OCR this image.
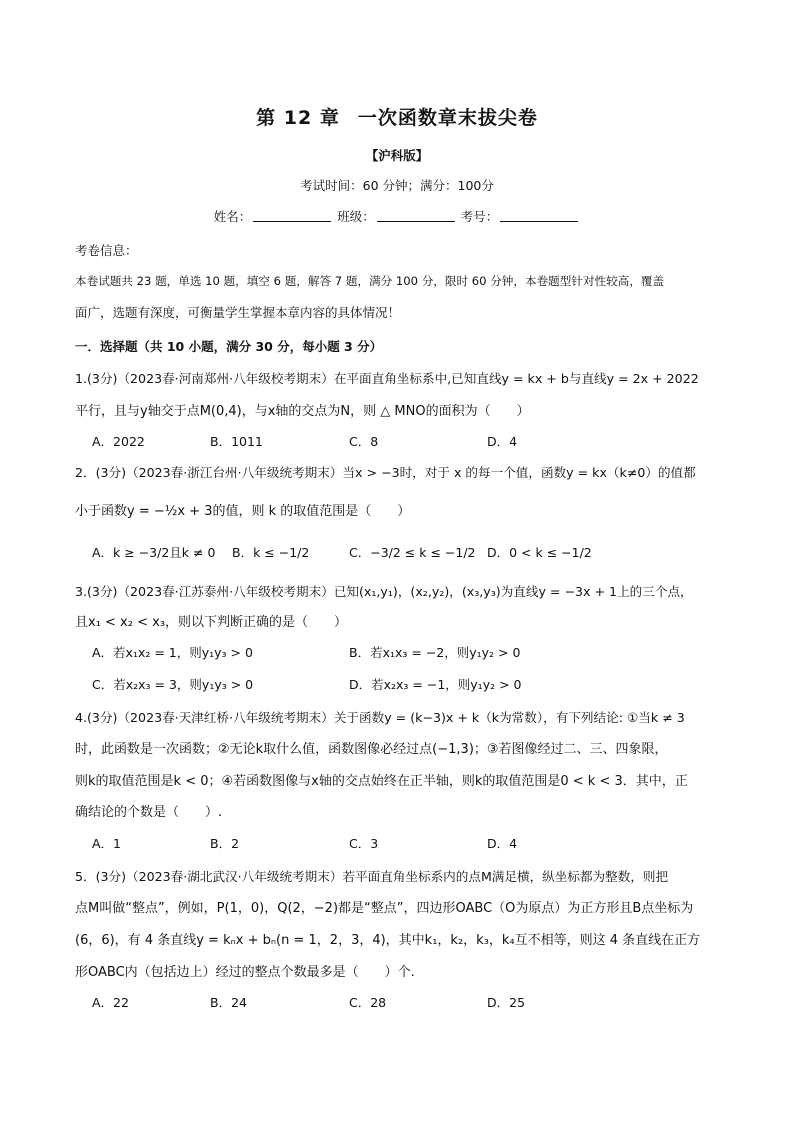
第 12 章 一次函数章末拔尖卷
【沪科版】
考试时间：60 分钟；满分：100分
姓名：	班级：	考号：
考卷信息：
本卷试题共 23 题，单选 10 题，填空 6 题，解答 7 题，满分 100 分，限时 60 分钟，本卷题型针对性较高，覆盖
面广，选题有深度，可衡量学生掌握本章内容的具体情况！
一．选择题（共 10 小题，满分 30 分，每小题 3 分）
1.(3分)（2023春·河南郑州·八年级校考期末）在平面直角坐标系中,已知直线y = kx + b与直线y = 2x + 2022
平行，且与y轴交于点M(0,4)，与x轴的交点为N，则 △ MNO的面积为（　　）
A．2022	B．1011	C．8	D．4
2．(3分)（2023春·浙江台州·八年级统考期末）当x > −3时，对于 x 的每一个值，函数y = kx（k≠0）的值都
小于函数y = −½x + 3的值，则 k 的取值范围是（　　）
A．k ≥ −3/2且k ≠ 0 B．k ≤ −1/2	C．−3/2 ≤ k ≤ −1/2 D．0 < k ≤ −1/2
3.(3分)（2023春·江苏泰州·八年级校考期末）已知(x₁,y₁)，(x₂,y₂)，(x₃,y₃)为直线y = −3x + 1上的三个点，
且x₁ < x₂ < x₃，则以下判断正确的是（　　）
A．若x₁x₂ = 1，则y₁y₃ > 0	B．若x₁x₃ = −2，则y₁y₂ > 0
C．若x₂x₃ = 3，则y₁y₃ > 0	D．若x₂x₃ = −1，则y₁y₂ > 0
4.(3分)（2023春·天津红桥·八年级统考期末）关于函数y = (k−3)x + k（k为常数），有下列结论: ①当k ≠ 3
时，此函数是一次函数；②无论k取什么值，函数图像必经过点(−1,3)；③若图像经过二、三、四象限，
则k的取值范围是k < 0；④若函数图像与x轴的交点始终在正半轴，则k的取值范围是0 < k < 3．其中，正
确结论的个数是（　　）.
A．1	B．2	C．3	D．4
5．(3分)（2023春·湖北武汉·八年级统考期末）若平面直角坐标系内的点M满足横，纵坐标都为整数，则把
点M叫做“整点”，例如，P(1，0)，Q(2，−2)都是“整点”，四边形OABC（O为原点）为正方形且B点坐标为
(6，6)，有 4 条直线y = kₙx + bₙ(n = 1，2，3，4)，其中k₁，k₂，k₃，k₄互不相等，则这 4 条直线在正方
形OABC内（包括边上）经过的整点个数最多是（　　）个.
A．22	B．24	C．28	D．25
